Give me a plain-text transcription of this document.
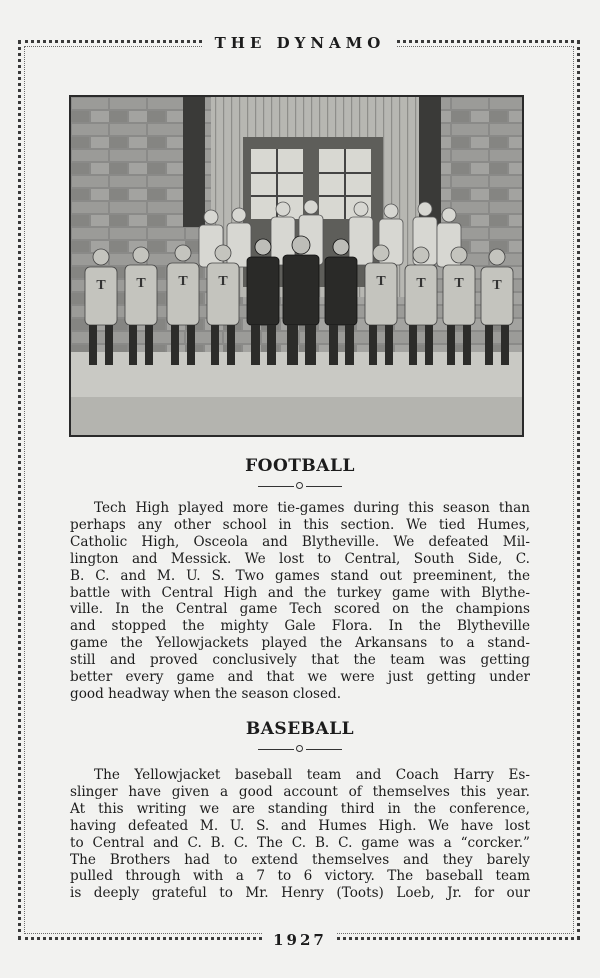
THE DYNAMO
T T T T	T T T T
FOOTBALL
Tech High played more tie-games during this season than
perhaps any other school in this section. We tied Humes,
Catholic High, Osceola and Blytheville. We defeated Mil-
lington and Messick. We lost to Central, South Side, C.
B. C. and M. U. S. Two games stand out preeminent, the
battle with Central High and the turkey game with Blythe-
ville. In the Central game Tech scored on the champions
and stopped the mighty Gale Flora. In the Blytheville
game the Yellowjackets played the Arkansans to a stand-
still and proved conclusively that the team was getting
better every game and that we were just getting under
good headway when the season closed.
BASEBALL
The Yellowjacket baseball team and Coach Harry Es-
slinger have given a good account of themselves this year.
At this writing we are standing third in the conference,
having defeated M. U. S. and Humes High. We have lost
to Central and C. B. C. The C. B. C. game was a “corcker.”
The Brothers had to extend themselves and they barely
pulled through with a 7 to 6 victory. The baseball team
is deeply grateful to Mr. Henry (Toots) Loeb, Jr. for our
1927
